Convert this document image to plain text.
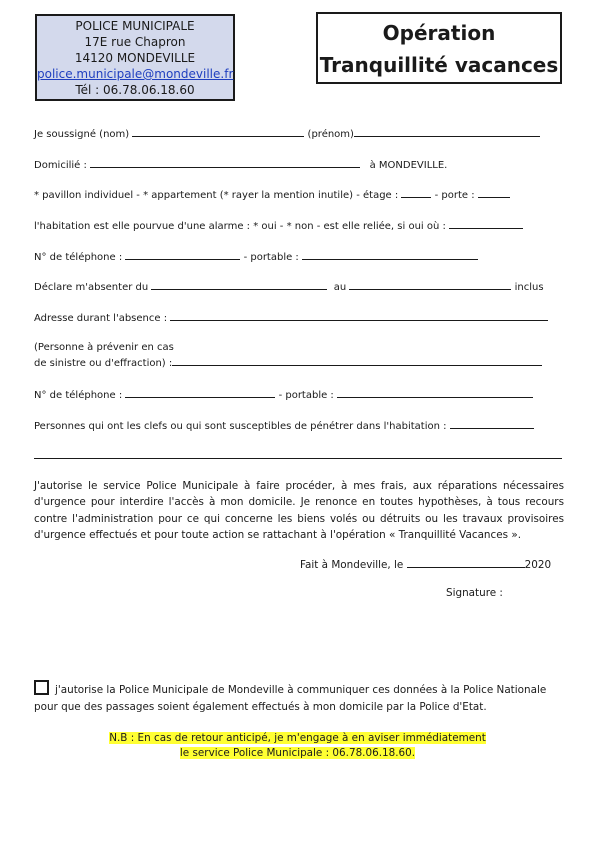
POLICE MUNICIPALE
17E rue Chapron
14120 MONDEVILLE
police.municipale@mondeville.fr
Tél : 06.78.06.18.60
Opération
Tranquillité vacances
Je soussigné (nom)	(prénom)
Domicilié :	à MONDEVILLE.
* pavillon individuel - * appartement (* rayer la mention inutile) - étage :	- porte :
l'habitation est elle pourvue d'une alarme : * oui - * non - est elle reliée, si oui où :
N° de téléphone :	- portable :
Déclare m'absenter du	au	inclus
Adresse durant l'absence :
(Personne à prévenir en cas
de sinistre ou d'effraction) :
N° de téléphone :	- portable :
Personnes qui ont les clefs ou qui sont susceptibles de pénétrer dans l'habitation :
J'autorise le service Police Municipale à faire procéder, à mes frais, aux réparations nécessaires d'urgence pour interdire l'accès à mon domicile. Je renonce en toutes hypothèses, à tous recours contre l'administration pour ce qui concerne les biens volés ou détruits ou les travaux provisoires d'urgence effectués et pour toute action se rattachant à l'opération « Tranquillité Vacances ».
Fait à Mondeville, le	2020
Signature :
j'autorise la Police Municipale de Mondeville à communiquer ces données à la Police Nationale pour que des passages soient également effectués à mon domicile par la Police d'Etat.
N.B : En cas de retour anticipé, je m'engage à en aviser immédiatement
le service Police Municipale : 06.78.06.18.60.
